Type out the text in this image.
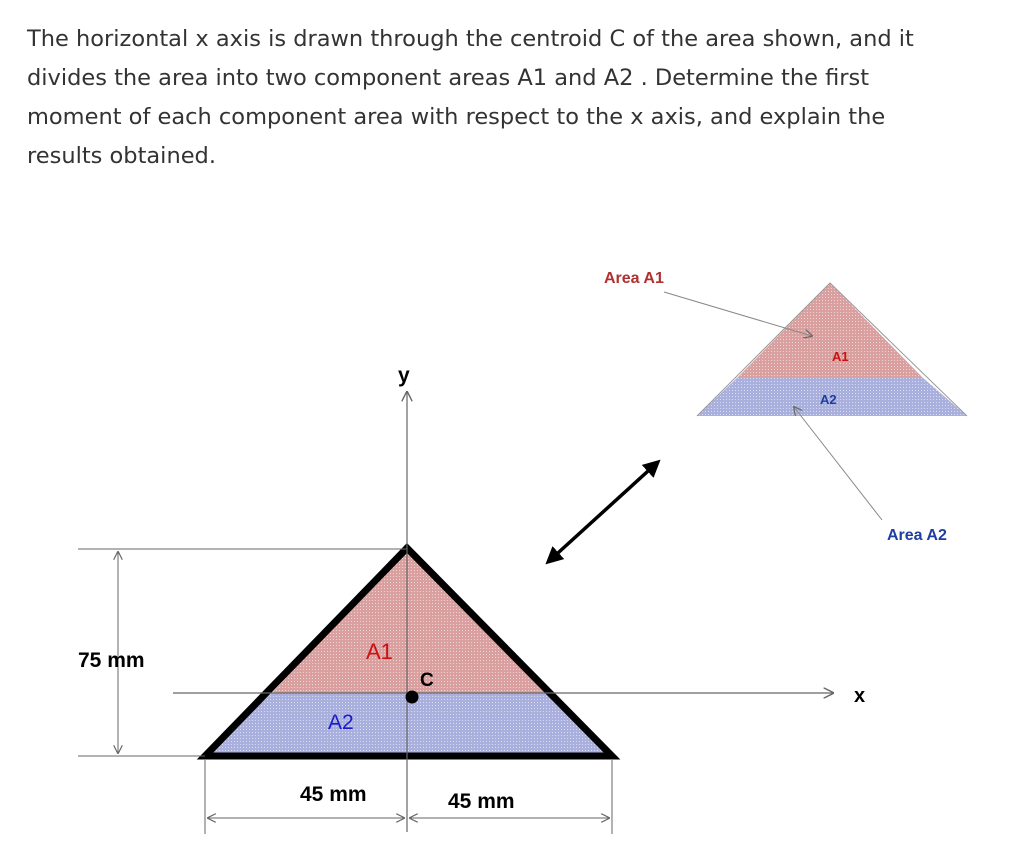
The horizontal x axis is drawn through the centroid C of the area shown, and it
divides the area into two component areas A1 and A2 . Determine the first
moment of each component area with respect to the x axis, and explain the
results obtained.
y
x
C
A1
A2
75 mm
45 mm	45 mm
A1
A2
Area A1
Area A2
